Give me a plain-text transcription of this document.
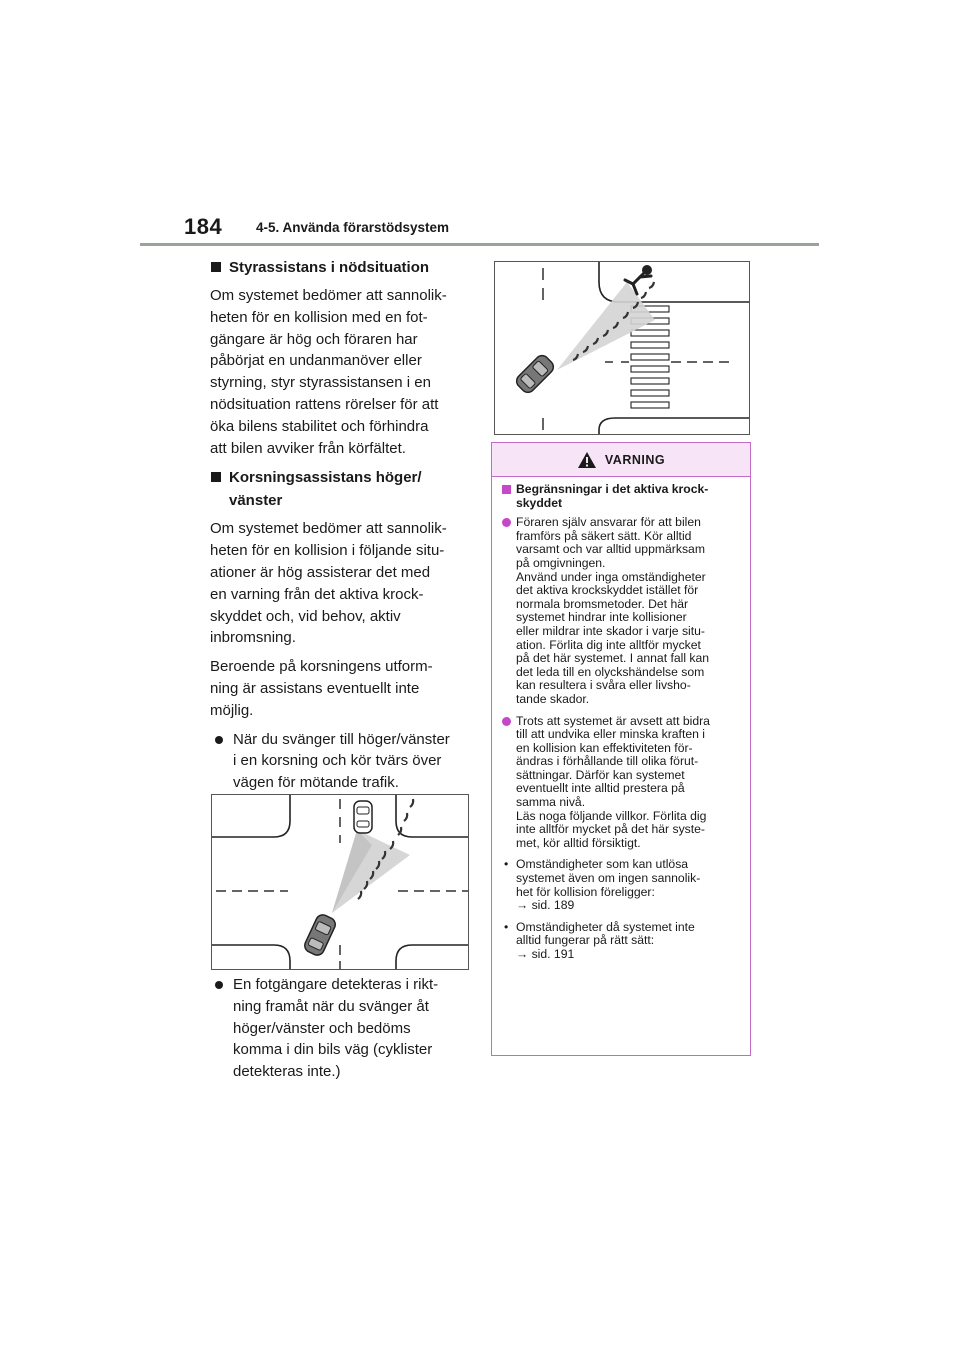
184	4-5. Använda förarstödsystem
Styrassistans i nödsituation

Om systemet bedömer att sannolik-
heten för en kollision med en fot-
gängare är hög och föraren har
påbörjat en undanmanöver eller
styrning, styr styrassistansen i en
nödsituation rattens rörelser för att
öka bilens stabilitet och förhindra
att bilen avviker från körfältet.

Korsningsassistans höger/
vänster

Om systemet bedömer att sannolik-
heten för en kollision i följande situ-
ationer är hög assisterar det med
en varning från det aktiva krock-
skyddet och, vid behov, aktiv
inbromsning.

Beroende på korsningens utform-
ning är assistans eventuellt inte
möjlig.

När du svänger till höger/vänster
i en korsning och kör tvärs över
vägen för mötande trafik.
En fotgängare detekteras i rikt-
ning framåt när du svänger åt
höger/vänster och bedöms
komma i din bils väg (cyklister
detekteras inte.)
VARNING
Begränsningar i det aktiva krock-
skyddet
Föraren själv ansvarar för att bilen
framförs på säkert sätt. Kör alltid
varsamt och var alltid uppmärksam
på omgivningen.
Använd under inga omständigheter
det aktiva krockskyddet istället för
normala bromsmetoder. Det här
systemet hindrar inte kollisioner
eller mildrar inte skador i varje situ-
ation. Förlita dig inte alltför mycket
på det här systemet. I annat fall kan
det leda till en olyckshändelse som
kan resultera i svåra eller livsho-
tande skador.
Trots att systemet är avsett att bidra
till att undvika eller minska kraften i
en kollision kan effektiviteten för-
ändras i förhållande till olika förut-
sättningar. Därför kan systemet
eventuellt inte alltid prestera på
samma nivå.
Läs noga följande villkor. Förlita dig
inte alltför mycket på det här syste-
met, kör alltid försiktigt.
• Omständigheter som kan utlösa
systemet även om ingen sannolik-
het för kollision föreligger:
→ sid. 189
• Omständigheter då systemet inte
alltid fungerar på rätt sätt:
→ sid. 191
